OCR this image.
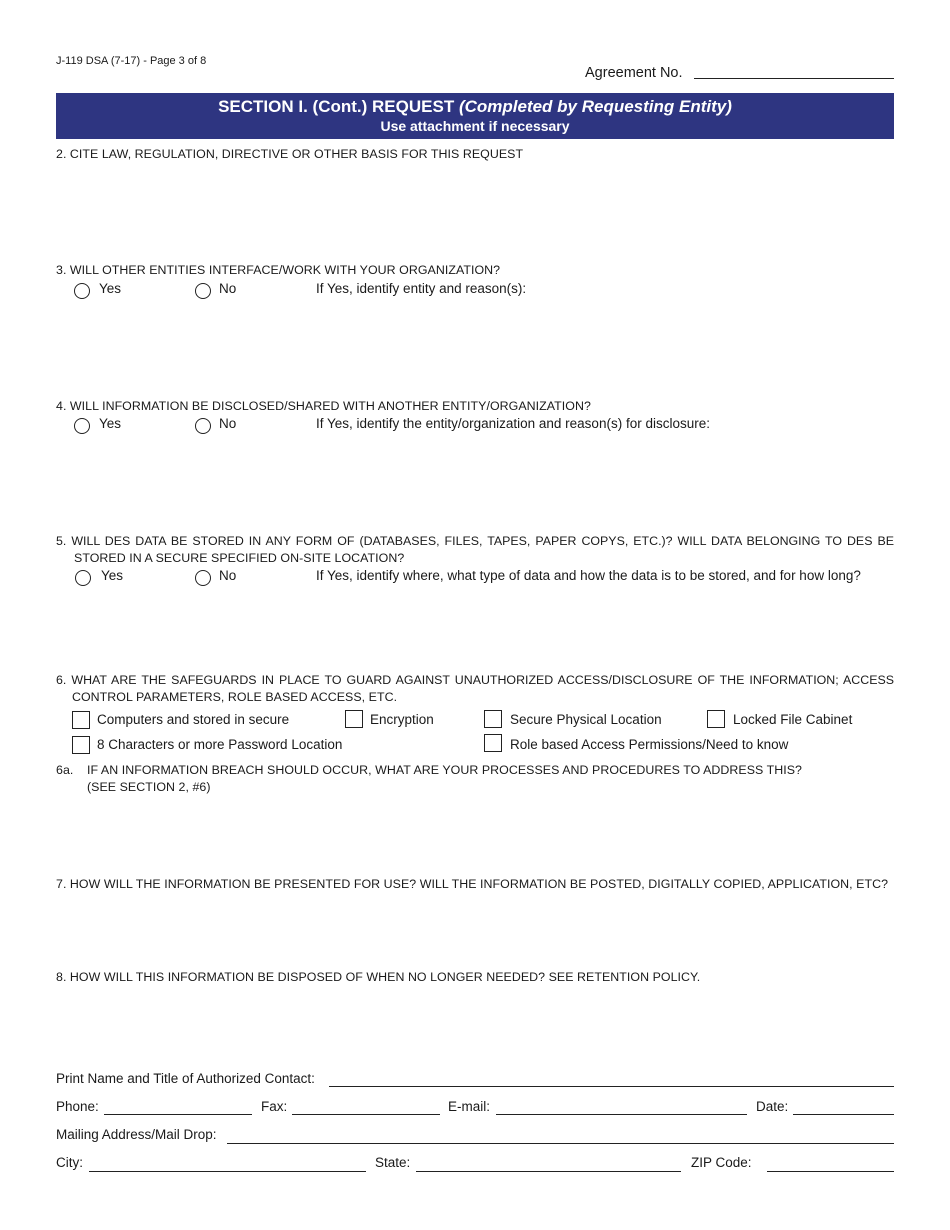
J-119 DSA (7-17) - Page 3 of 8
Agreement No.
SECTION I. (Cont.) REQUEST (Completed by Requesting Entity)
Use attachment if necessary
2. CITE LAW, REGULATION, DIRECTIVE OR OTHER BASIS FOR THIS REQUEST
3. WILL OTHER ENTITIES INTERFACE/WORK WITH YOUR ORGANIZATION?
Yes	No	If Yes, identify entity and reason(s):
4. WILL INFORMATION BE DISCLOSED/SHARED WITH ANOTHER ENTITY/ORGANIZATION?
Yes	No	If Yes, identify the entity/organization and reason(s) for disclosure:
5. WILL DES DATA BE STORED IN ANY FORM OF (DATABASES, FILES, TAPES, PAPER COPYS, ETC.)? WILL DATA BELONGING TO DES BE
STORED IN A SECURE SPECIFIED ON-SITE LOCATION?
Yes	No	If Yes, identify where, what type of data and how the data is to be stored, and for how long?
6. WHAT ARE THE SAFEGUARDS IN PLACE TO GUARD AGAINST UNAUTHORIZED ACCESS/DISCLOSURE OF THE INFORMATION; ACCESS
CONTROL PARAMETERS, ROLE BASED ACCESS, ETC.
Computers and stored in secure	Encryption	Secure Physical Location	Locked File Cabinet
8 Characters or more Password Location	Role based Access Permissions/Need to know
6a. IF AN INFORMATION BREACH SHOULD OCCUR, WHAT ARE YOUR PROCESSES AND PROCEDURES TO ADDRESS THIS?
(SEE SECTION 2, #6)
7. HOW WILL THE INFORMATION BE PRESENTED FOR USE? WILL THE INFORMATION BE POSTED, DIGITALLY COPIED, APPLICATION, ETC?
8. HOW WILL THIS INFORMATION BE DISPOSED OF WHEN NO LONGER NEEDED? SEE RETENTION POLICY.
Print Name and Title of Authorized Contact:
Phone:	Fax:	E-mail:	Date:
Mailing Address/Mail Drop:
City:	State:	ZIP Code:
